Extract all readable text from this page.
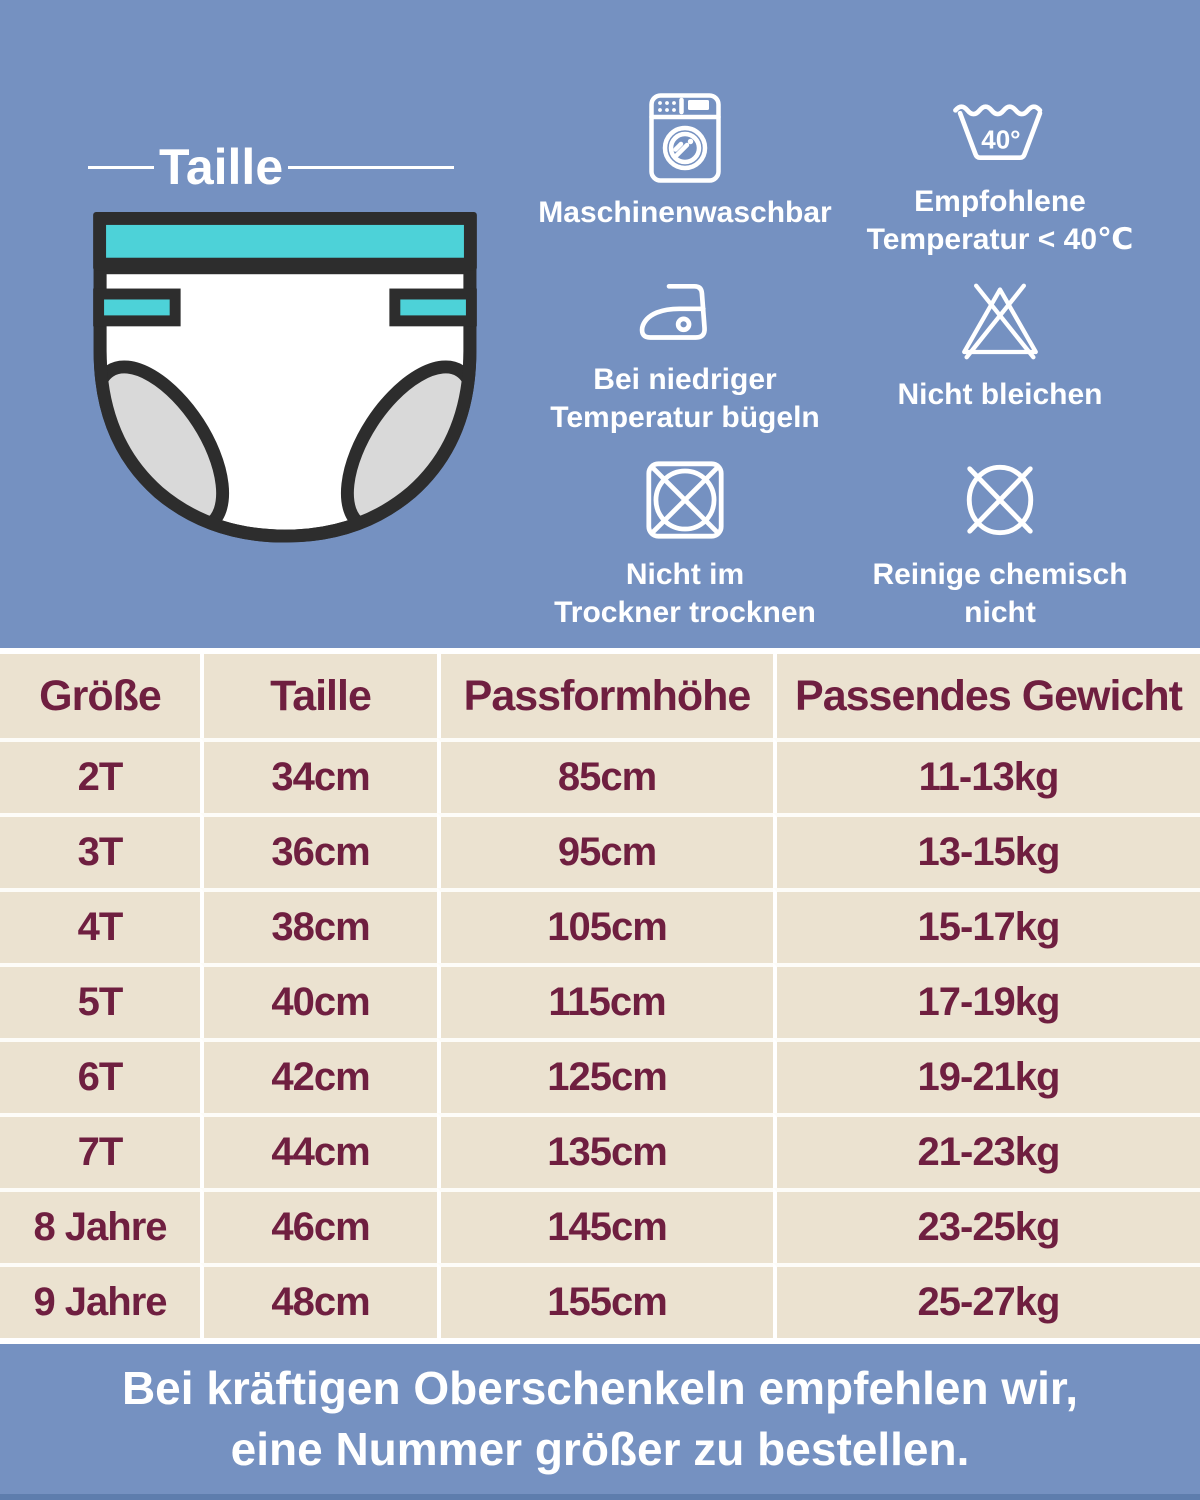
Taille
Maschinenwaschbar
40°
Empfohlene
Temperatur < 40℃
Bei niedriger
Temperatur bügeln
Nicht bleichen
Nicht im
Trockner trocknen
Reinige chemisch
nicht
Größe	Taille	Passformhöhe	Passendes Gewicht
2T	34cm	85cm	11-13kg
3T	36cm	95cm	13-15kg
4T	38cm	105cm	15-17kg
5T	40cm	115cm	17-19kg
6T	42cm	125cm	19-21kg
7T	44cm	135cm	21-23kg
8 Jahre	46cm	145cm	23-25kg
9 Jahre	48cm	155cm	25-27kg
Bei kräftigen Oberschenkeln empfehlen wir,
eine Nummer größer zu bestellen.
